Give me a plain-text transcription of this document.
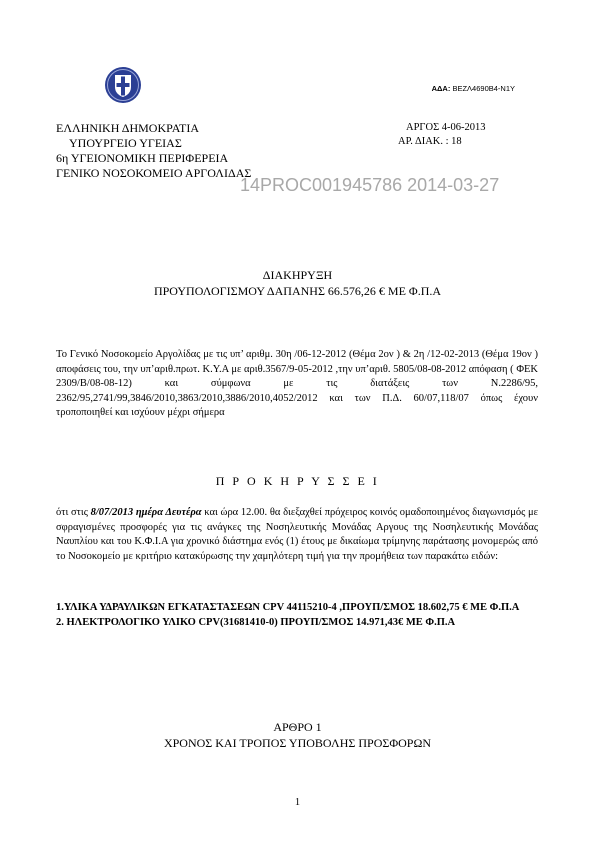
ΑΔΑ: ΒΕΖΛ4690Β4-Ν1Υ
ΕΛΛΗΝΙΚΗ ΔΗΜΟΚΡΑΤΙΑ
ΥΠΟΥΡΓΕΙΟ ΥΓΕΙΑΣ
6η ΥΓΕΙΟΝΟΜΙΚΗ ΠΕΡΙΦΕΡΕΙΑ
ΓΕΝΙΚΟ ΝΟΣΟΚΟΜΕΙΟ ΑΡΓΟΛΙΔΑΣ
ΑΡΓΟΣ 4-06-2013
ΑΡ. ΔΙΑΚ. : 18
14PROC001945786 2014-03-27
ΔΙΑΚΗΡΥΞΗ
ΠΡΟΥΠΟΛΟΓΙΣΜΟΥ ΔΑΠΑΝΗΣ 66.576,26 € ΜΕ Φ.Π.Α
Το Γενικό Νοσοκομείο Αργολίδας με τις υπ’ αριθμ. 30η /06-12-2012 (Θέμα 2ον ) & 2η /12-02-2013 (Θέμα 19ον ) αποφάσεις του, την υπ’αριθ.πρωτ. Κ.Υ.Α με αριθ.3567/9-05-2012 ,την υπ’αριθ. 5805/08-08-2012 απόφαση ( ΦΕΚ 2309/Β/08-08-12) και σύμφωνα με τις διατάξεις των Ν.2286/95, 2362/95,2741/99,3846/2010,3863/2010,3886/2010,4052/2012 και των Π.Δ. 60/07,118/07 όπως έχουν τροποποιηθεί και ισχύουν μέχρι σήμερα
Π Ρ Ο Κ Η Ρ Υ Σ Σ Ε Ι
ότι στις 8/07/2013 ημέρα Δευτέρα και ώρα 12.00. θα διεξαχθεί πρόχειρος κοινός ομαδοποιημένος διαγωνισμός με σφραγισμένες προσφορές για τις ανάγκες της Νοσηλευτικής Μονάδας Αργους της Νοσηλευτικής Μονάδας Ναυπλίου και του Κ.Φ.Ι.Α για χρονικό διάστημα ενός (1) έτους με δικαίωμα τρίμηνης παράτασης μονομερώς από το Νοσοκομείο με κριτήριο κατακύρωσης την χαμηλότερη τιμή για την προμήθεια των παρακάτω ειδών:
1.ΥΛΙΚΑ ΥΔΡΑΥΛΙΚΩΝ ΕΓΚΑΤΑΣΤΑΣΕΩΝ CPV 44115210-4 ,ΠΡΟΥΠ/ΣΜΟΣ 18.602,75 € ΜΕ Φ.Π.Α
2. ΗΛΕΚΤΡΟΛΟΓΙΚΟ ΥΛΙΚΟ CPV(31681410-0) ΠΡΟΥΠ/ΣΜΟΣ 14.971,43€ ΜΕ Φ.Π.Α
ΑΡΘΡΟ 1
ΧΡΟΝΟΣ ΚΑΙ ΤΡΟΠΟΣ ΥΠΟΒΟΛΗΣ ΠΡΟΣΦΟΡΩΝ
1
